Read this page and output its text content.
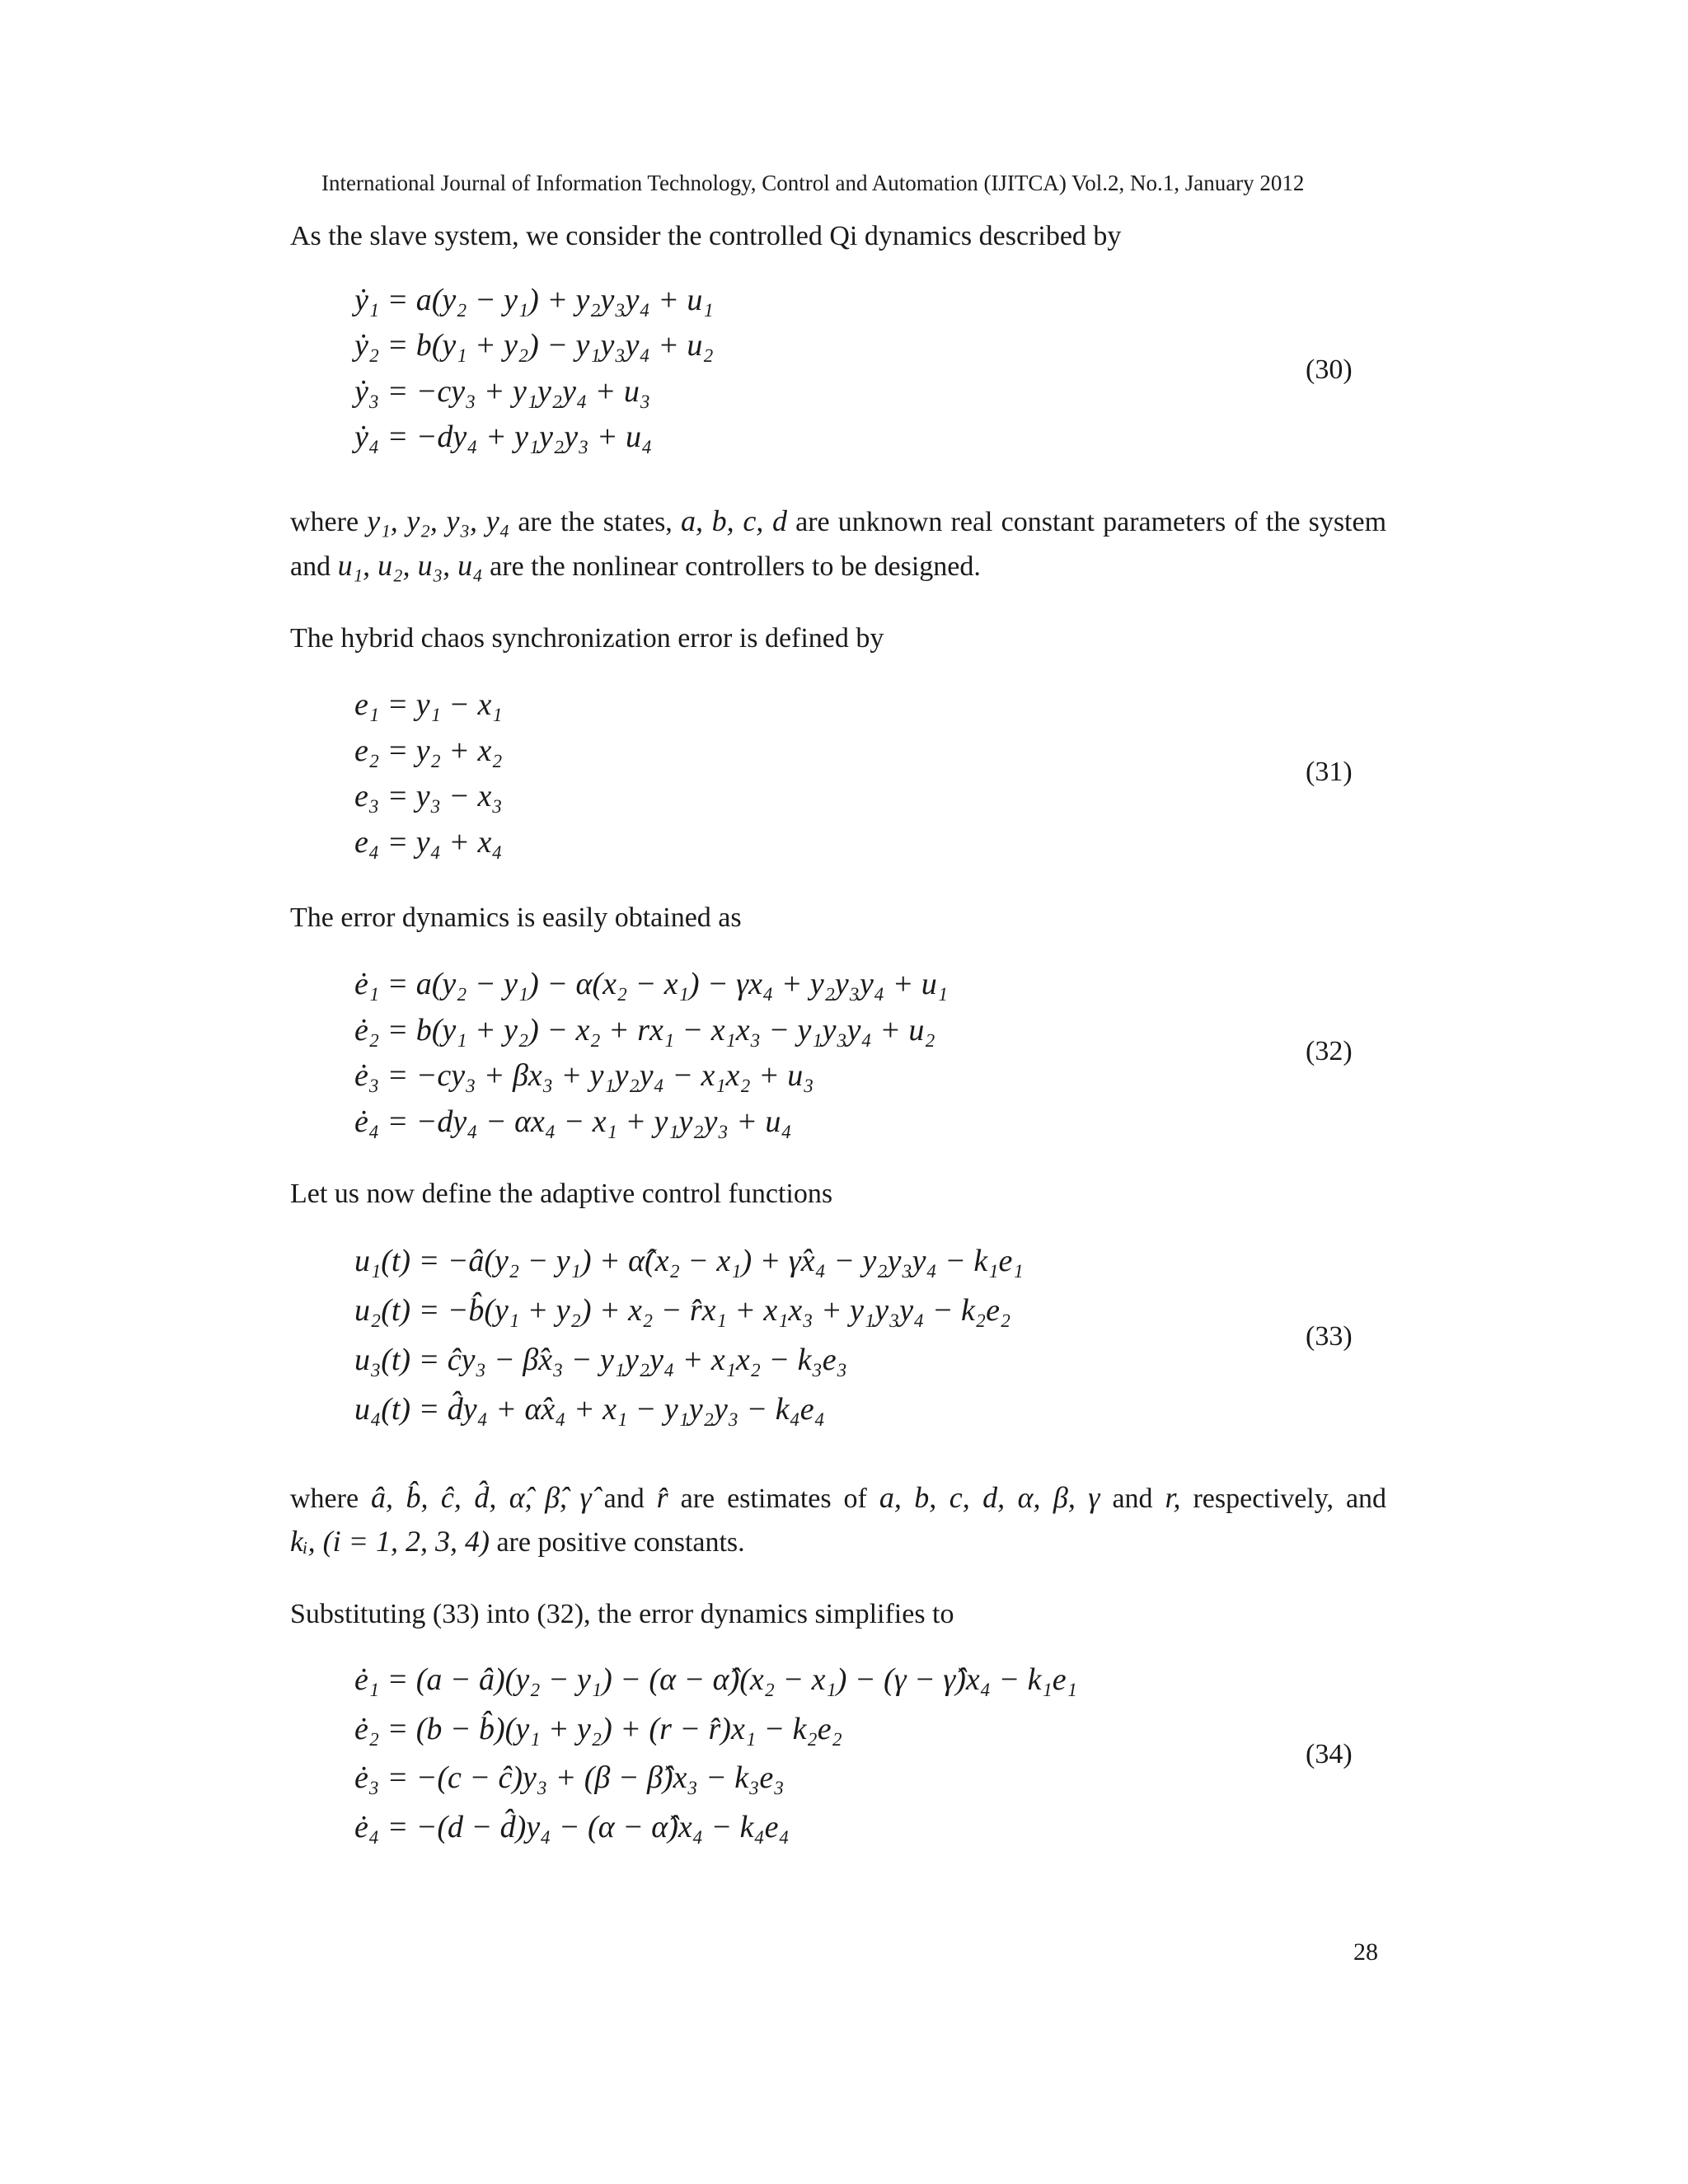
International Journal of Information Technology, Control and Automation (IJITCA) Vol.2, No.1, January 2012
As the slave system, we consider the controlled Qi dynamics described by
ẏ₁ = a(y₂ − y₁) + y₂y₃y₄ + u₁
ẏ₂ = b(y₁ + y₂) − y₁y₃y₄ + u₂
ẏ₃ = −cy₃ + y₁y₂y₄ + u₃
ẏ₄ = −dy₄ + y₁y₂y₃ + u₄
(30)
where y₁, y₂, y₃, y₄ are the states, a, b, c, d are unknown real constant parameters of the system
and u₁, u₂, u₃, u₄ are the nonlinear controllers to be designed.
The hybrid chaos synchronization error is defined by
e₁ = y₁ − x₁
e₂ = y₂ + x₂
e₃ = y₃ − x₃
e₄ = y₄ + x₄
(31)
The error dynamics is easily obtained as
ė₁ = a(y₂ − y₁) − α(x₂ − x₁) − γx₄ + y₂y₃y₄ + u₁
ė₂ = b(y₁ + y₂) − x₂ + rx₁ − x₁x₃ − y₁y₃y₄ + u₂
ė₃ = −cy₃ + βx₃ + y₁y₂y₄ − x₁x₂ + u₃
ė₄ = −dy₄ − αx₄ − x₁ + y₁y₂y₃ + u₄
(32)
Let us now define the adaptive control functions
u₁(t) = −â(y₂ − y₁) + α̂(x₂ − x₁) + γ̂x₄ − y₂y₃y₄ − k₁e₁
u₂(t) = −b̂(y₁ + y₂) + x₂ − r̂x₁ + x₁x₃ + y₁y₃y₄ − k₂e₂
u₃(t) = ĉy₃ − β̂x₃ − y₁y₂y₄ + x₁x₂ − k₃e₃
u₄(t) = d̂y₄ + α̂x₄ + x₁ − y₁y₂y₃ − k₄e₄
(33)
where â, b̂, ĉ, d̂, α̂, β̂, γ̂ and r̂ are estimates of a, b, c, d, α, β, γ and r, respectively, and
kᵢ, (i = 1, 2, 3, 4) are positive constants.
Substituting (33) into (32), the error dynamics simplifies to
ė₁ = (a − â)(y₂ − y₁) − (α − α̂)(x₂ − x₁) − (γ − γ̂)x₄ − k₁e₁
ė₂ = (b − b̂)(y₁ + y₂) + (r − r̂)x₁ − k₂e₂
ė₃ = −(c − ĉ)y₃ + (β − β̂)x₃ − k₃e₃
ė₄ = −(d − d̂)y₄ − (α − α̂)x₄ − k₄e₄
(34)
28
